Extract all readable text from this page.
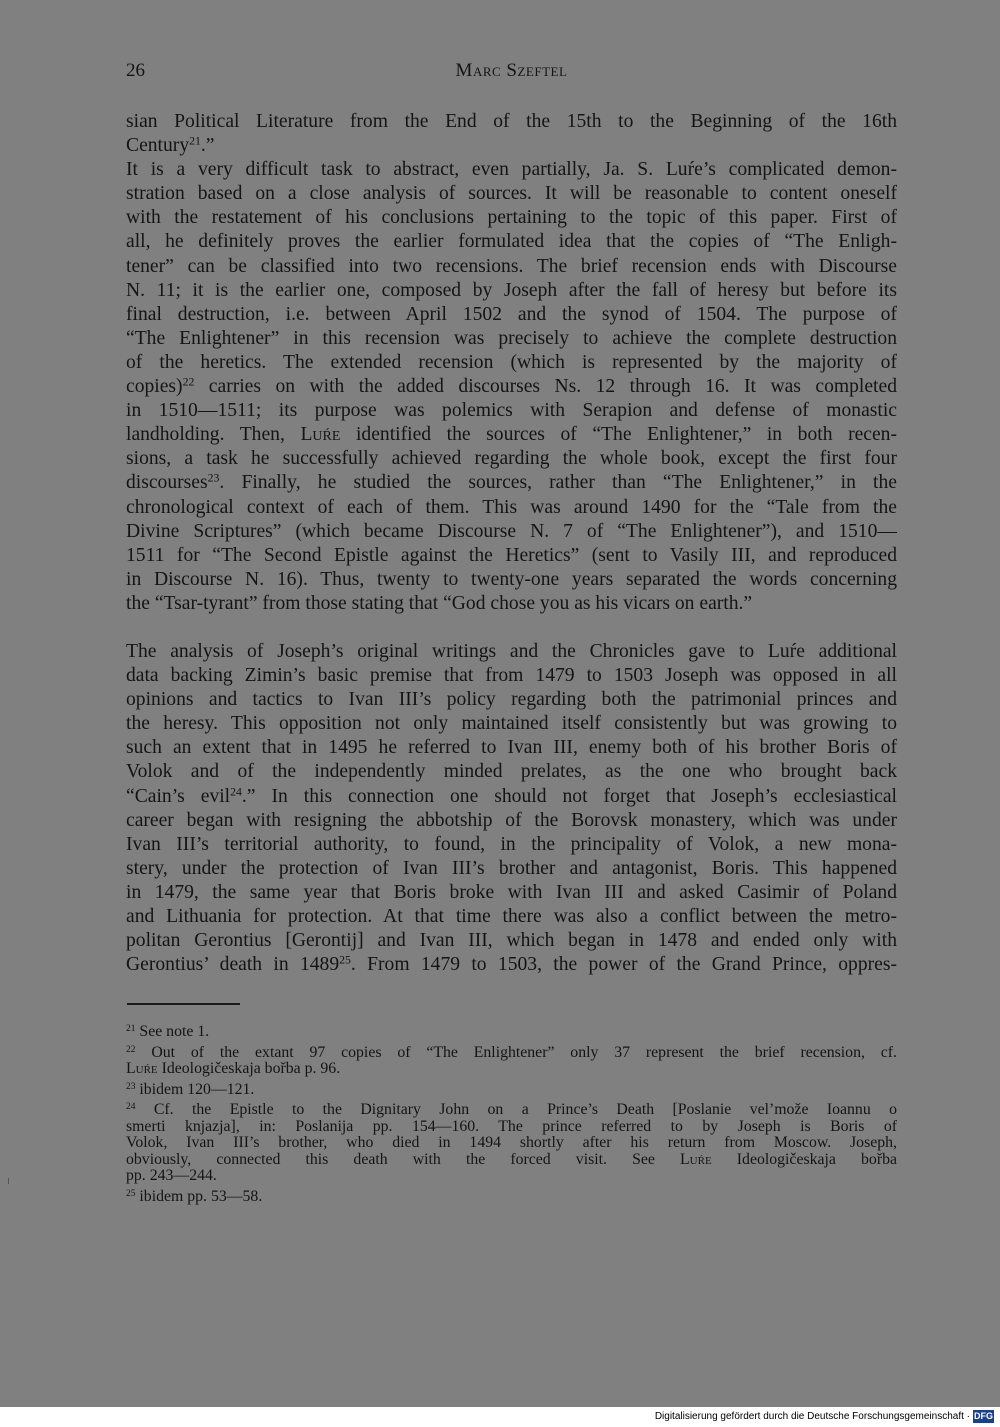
26	Marc Szeftel
sian Political Literature from the End of the 15th to the Beginning of the 16th
Century$^{21}$.”
It is a very difficult task to abstract, even partially, Ja. S. Luŕe’s complicated demon-
stration based on a close analysis of sources. It will be reasonable to content oneself
with the restatement of his conclusions pertaining to the topic of this paper. First of
all, he definitely proves the earlier formulated idea that the copies of “The Enligh-
tener” can be classified into two recensions. The brief recension ends with Discourse
N. 11; it is the earlier one, composed by Joseph after the fall of heresy but before its
final destruction, i.e. between April 1502 and the synod of 1504. The purpose of
“The Enlightener” in this recension was precisely to achieve the complete destruction
of the heretics. The extended recension (which is represented by the majority of
copies)$^{22}$ carries on with the added discourses Ns. 12 through 16. It was completed
in 1510—1511; its purpose was polemics with Serapion and defense of monastic
landholding. Then, Luŕe identified the sources of “The Enlightener,” in both recen-
sions, a task he successfully achieved regarding the whole book, except the first four
discourses$^{23}$. Finally, he studied the sources, rather than “The Enlightener,” in the
chronological context of each of them. This was around 1490 for the “Tale from the
Divine Scriptures” (which became Discourse N. 7 of “The Enlightener”), and 1510—
1511 for “The Second Epistle against the Heretics” (sent to Vasily III, and reproduced
in Discourse N. 16). Thus, twenty to twenty-one years separated the words concerning
the “Tsar-tyrant” from those stating that “God chose you as his vicars on earth.”
The analysis of Joseph’s original writings and the Chronicles gave to Luŕe additional
data backing Zimin’s basic premise that from 1479 to 1503 Joseph was opposed in all
opinions and tactics to Ivan III’s policy regarding both the patrimonial princes and
the heresy. This opposition not only maintained itself consistently but was growing to
such an extent that in 1495 he referred to Ivan III, enemy both of his brother Boris of
Volok and of the independently minded prelates, as the one who brought back
“Cain’s evil$^{24}$.” In this connection one should not forget that Joseph’s ecclesiastical
career began with resigning the abbotship of the Borovsk monastery, which was under
Ivan III’s territorial authority, to found, in the principality of Volok, a new mona-
stery, under the protection of Ivan III’s brother and antagonist, Boris. This happened
in 1479, the same year that Boris broke with Ivan III and asked Casimir of Poland
and Lithuania for protection. At that time there was also a conflict between the metro-
politan Gerontius [Gerontij] and Ivan III, which began in 1478 and ended only with
Gerontius’ death in 1489$^{25}$. From 1479 to 1503, the power of the Grand Prince, oppres-
$^{21}$ See note 1.
$^{22}$ Out of the extant 97 copies of “The Enlightener” only 37 represent the brief recension, cf.
Luŕe Ideologičeskaja bořba p. 96.
$^{23}$ ibidem 120—121.
$^{24}$ Cf. the Epistle to the Dignitary John on a Prince’s Death [Poslanie vel’može Ioannu o
smerti knjazja], in: Poslanija pp. 154—160. The prince referred to by Joseph is Boris of
Volok, Ivan III’s brother, who died in 1494 shortly after his return from Moscow. Joseph,
obviously, connected this death with the forced visit. See Luŕe Ideologičeskaja bořba
pp. 243—244.
$^{25}$ ibidem pp. 53—58.
Digitalisierung gefördert durch die Deutsche Forschungsgemeinschaft · DFG
